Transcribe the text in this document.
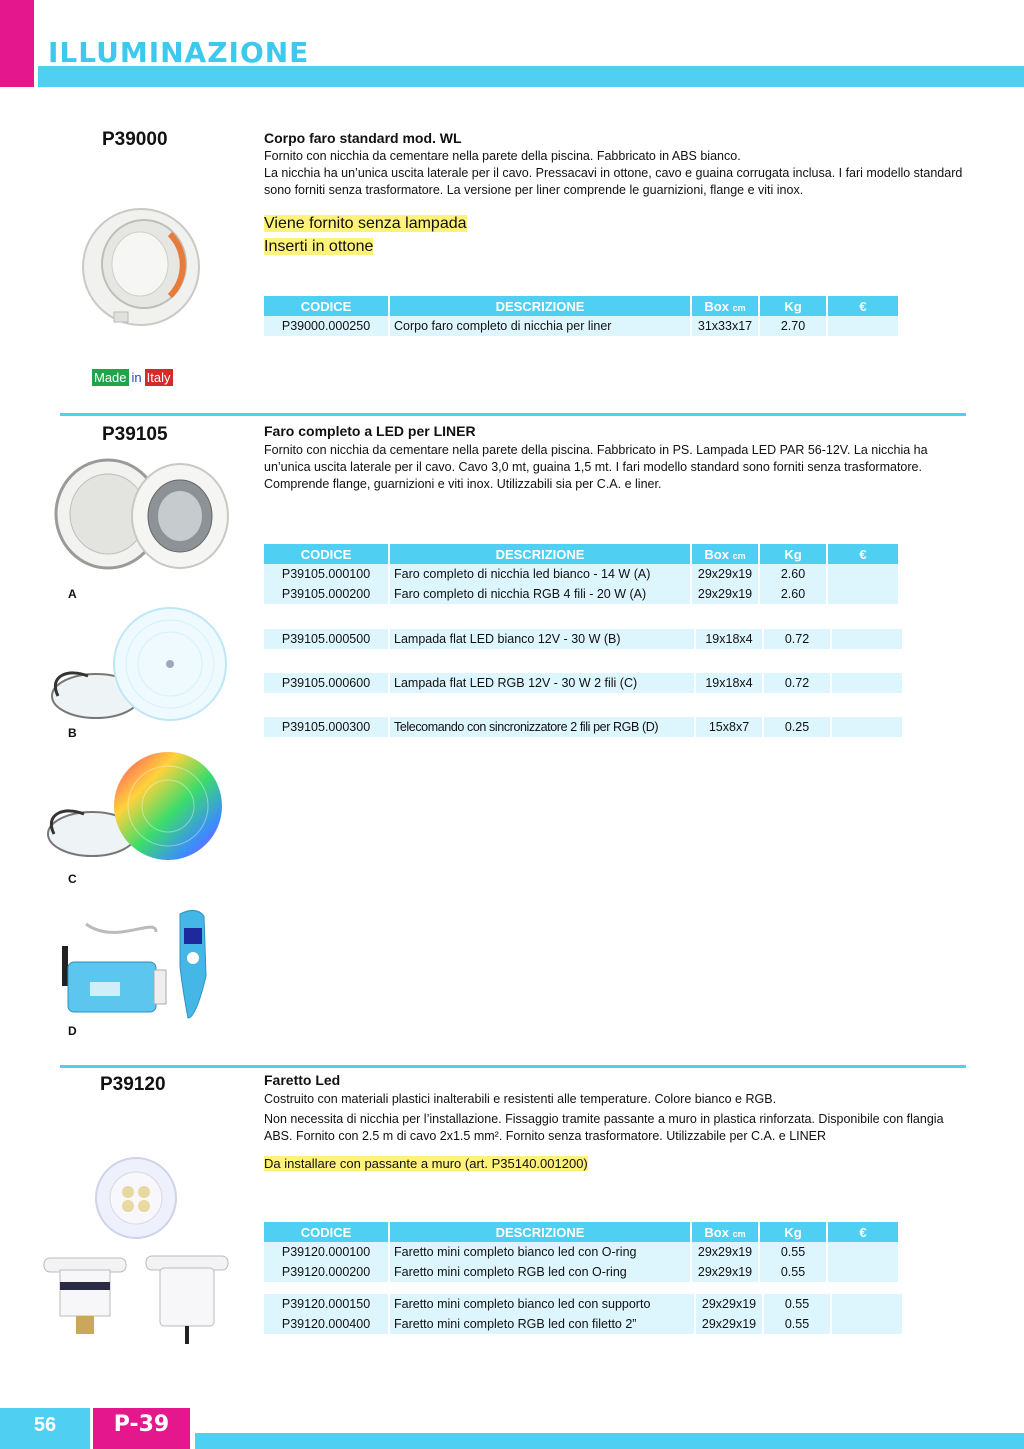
ILLUMINAZIONE
P39000	Corpo faro standard mod. WL
Fornito con nicchia da cementare nella parete della piscina. Fabbricato in ABS bianco.
La nicchia ha un’unica uscita laterale per il cavo. Pressacavi in ottone, cavo e guaina corrugata inclusa. I fari modello standard sono forniti senza trasformatore. La versione per liner comprende le guarnizioni, flange e viti inox.
Viene fornito senza lampada
Inserti in ottone
CODICE	DESCRIZIONE	Box cm	Kg	€
P39000.000250	Corpo faro completo di nicchia per liner	31x33x17	2.70	
Made in Italy
P39105	Faro completo a LED per LINER
Fornito con nicchia da cementare nella parete della piscina. Fabbricato in PS. Lampada LED PAR 56-12V. La nicchia ha un’unica uscita laterale per il cavo. Cavo 3,0 mt, guaina 1,5 mt. I fari modello standard sono forniti senza trasformatore. Comprende flange, guarnizioni e viti inox. Utilizzabili sia per C.A. e liner.
A
B
C
D
CODICE	DESCRIZIONE	Box cm	Kg	€
P39105.000100	Faro completo di nicchia led bianco - 14 W (A)	29x29x19	2.60	
P39105.000200	Faro completo di nicchia RGB 4 fili - 20 W (A)	29x29x19	2.60	
P39105.000500	Lampada flat LED bianco 12V - 30 W (B)	19x18x4	0.72	
P39105.000600	Lampada flat LED RGB 12V - 30 W 2 fili (C)	19x18x4	0.72	
P39105.000300	Telecomando con sincronizzatore 2 fili per RGB (D)	15x8x7	0.25	
P39120	Faretto Led
Costruito con materiali plastici inalterabili e resistenti alle temperature. Colore bianco e RGB.
Non necessita di nicchia per l’installazione. Fissaggio tramite passante a muro in plastica rinforzata. Disponibile con flangia ABS. Fornito con 2.5 m di cavo 2x1.5 mm². Fornito senza trasformatore. Utilizzabile per C.A. e LINER
Da installare con passante a muro (art. P35140.001200)
CODICE	DESCRIZIONE	Box cm	Kg	€
P39120.000100	Faretto mini completo bianco led con O-ring	29x29x19	0.55	
P39120.000200	Faretto mini completo RGB led con O-ring	29x29x19	0.55	
P39120.000150	Faretto mini completo bianco led con supporto	29x29x19	0.55	
P39120.000400	Faretto mini completo RGB led con filetto 2”	29x29x19	0.55	
56	P-39
